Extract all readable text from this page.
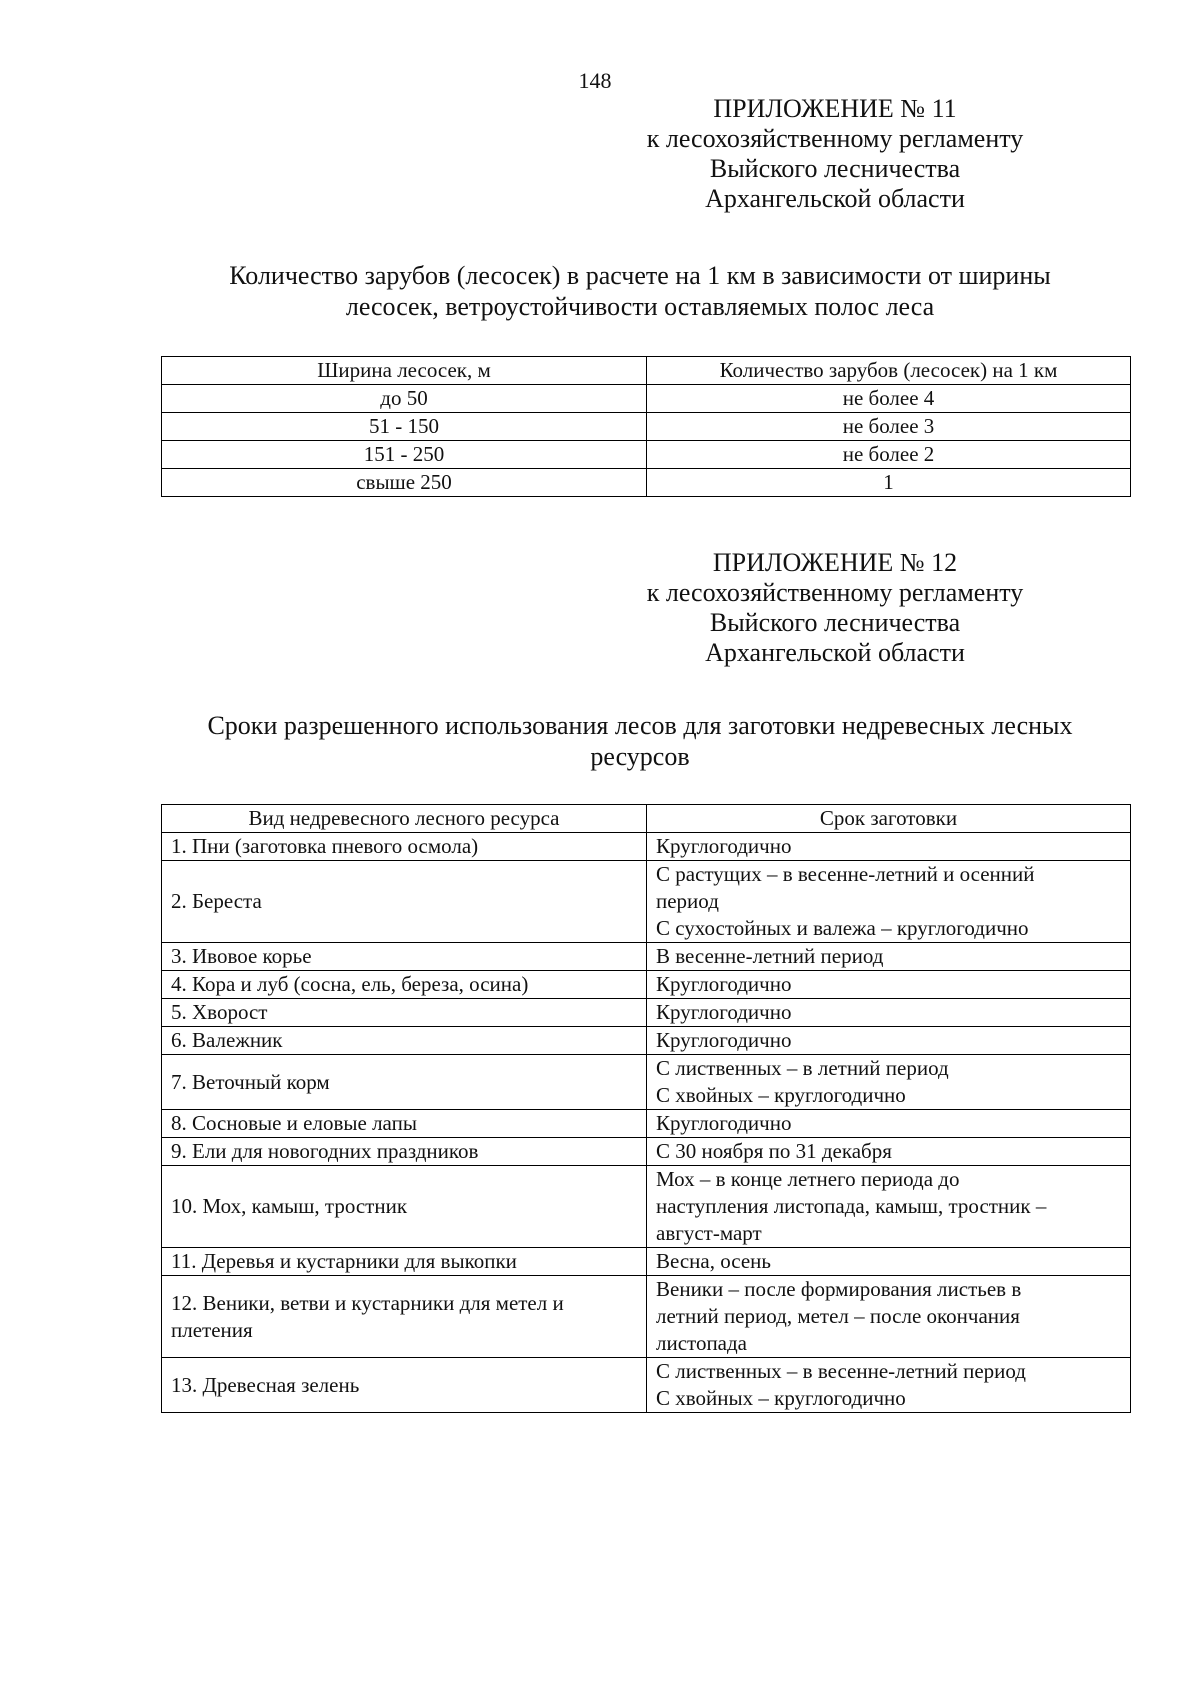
148
ПРИЛОЖЕНИЕ № 11
к лесохозяйственному регламенту
Выйского лесничества
Архангельской области
Количество зарубов (лесосек) в расчете на 1 км в зависимости от ширины
лесосек, ветроустойчивости оставляемых полос леса
Ширина лесосек, м	Количество зарубов (лесосек) на 1 км
до 50	не более 4
51 - 150	не более 3
151 - 250	не более 2
свыше 250	1
ПРИЛОЖЕНИЕ № 12
к лесохозяйственному регламенту
Выйского лесничества
Архангельской области
Сроки разрешенного использования лесов для заготовки недревесных лесных
ресурсов
Вид недревесного лесного ресурса	Срок заготовки
1. Пни (заготовка пневого осмола)	Круглогодично

2. Береста	С растущих – в весенне-летний и осенний
период
С сухостойных и валежа – круглогодично

3. Ивовое корье	В весенне-летний период

4. Кора и луб (сосна, ель, береза, осина)	Круглогодично

5. Хворост	Круглогодично

6. Валежник	Круглогодично

7. Веточный корм	С лиственных – в летний период
С хвойных – круглогодично

8. Сосновые и еловые лапы	Круглогодично

9. Ели для новогодних праздников	С 30 ноября по 31 декабря

10. Мох, камыш, тростник	Мох – в конце летнего периода до
наступления листопада, камыш, тростник –
август-март

11. Деревья и кустарники для выкопки	Весна, осень

12. Веники, ветви и кустарники для метел и плетения	Веники – после формирования листьев в
летний период, метел – после окончания
листопада

13. Древесная зелень	С лиственных – в весенне-летний период
С хвойных – круглогодично
